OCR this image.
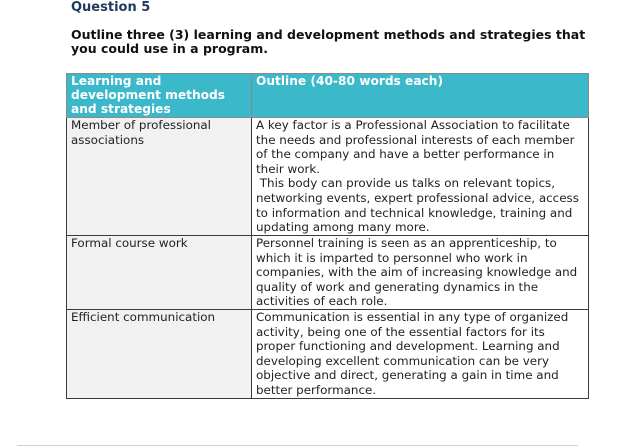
Question 5
Outline three (3) learning and development methods and strategies that you could use in a program.
Learning and development methods and strategies	Outline (40-80 words each)
Member of professional associations	A key factor is a Professional Association to facilitate the needs and professional interests of each member of the company and have a better performance in their work.
This body can provide us talks on relevant topics, networking events, expert professional advice, access to information and technical knowledge, training and updating among many more.

Formal course work	Personnel training is seen as an apprenticeship, to which it is imparted to personnel who work in companies, with the aim of increasing knowledge and quality of work and generating dynamics in the activities of each role.

Efficient communication	Communication is essential in any type of organized activity, being one of the essential factors for its proper functioning and development. Learning and developing excellent communication can be very objective and direct, generating a gain in time and better performance.
